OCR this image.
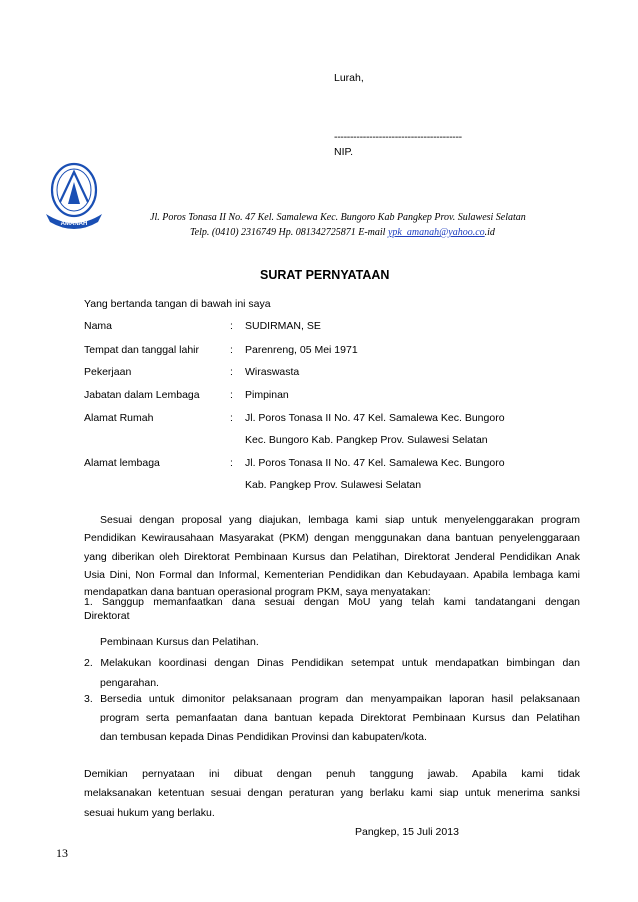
Lurah,
----------------------------------------
NIP.
AMANAH
Jl. Poros Tonasa II No. 47 Kel. Samalewa Kec. Bungoro Kab Pangkep Prov. Sulawesi Selatan
Telp. (0410) 2316749 Hp. 081342725871 E-mail ypk_amanah@yahoo.co.id
SURAT PERNYATAAN
Yang bertanda tangan di bawah ini saya
Nama	: SUDIRMAN, SE
Tempat dan tanggal lahir	: Parenreng, 05 Mei 1971
Pekerjaan	: Wiraswasta
Jabatan dalam Lembaga	: Pimpinan
Alamat Rumah	: Jl. Poros Tonasa II No. 47 Kel. Samalewa Kec. Bungoro
Kec. Bungoro Kab. Pangkep Prov. Sulawesi Selatan
Alamat lembaga	: Jl. Poros Tonasa II No. 47 Kel. Samalewa Kec. Bungoro
Kab. Pangkep Prov. Sulawesi Selatan
Sesuai dengan proposal yang diajukan, lembaga kami siap untuk menyelenggarakan program
Pendidikan Kewirausahaan Masyarakat (PKM) dengan menggunakan dana bantuan penyelenggaraan
yang diberikan oleh Direktorat Pembinaan Kursus dan Pelatihan, Direktorat Jenderal Pendidikan Anak
Usia Dini, Non Formal dan Informal, Kementerian Pendidikan dan Kebudayaan. Apabila lembaga kami
mendapatkan dana bantuan operasional program PKM, saya menyatakan:
1. Sanggup memanfaatkan dana sesuai dengan MoU yang telah kami tandatangani dengan
Direktorat
Pembinaan Kursus dan Pelatihan.
2. Melakukan koordinasi dengan Dinas Pendidikan setempat untuk mendapatkan bimbingan dan
pengarahan.
3. Bersedia untuk dimonitor pelaksanaan program dan menyampaikan laporan hasil pelaksanaan
program serta pemanfaatan dana bantuan kepada Direktorat Pembinaan Kursus dan Pelatihan
dan tembusan kepada Dinas Pendidikan Provinsi dan kabupaten/kota.
Demikian pernyataan ini dibuat dengan penuh tanggung jawab. Apabila kami tidak
melaksanakan ketentuan sesuai dengan peraturan yang berlaku kami siap untuk menerima sanksi
sesuai hukum yang berlaku.
Pangkep, 15 Juli 2013
13
